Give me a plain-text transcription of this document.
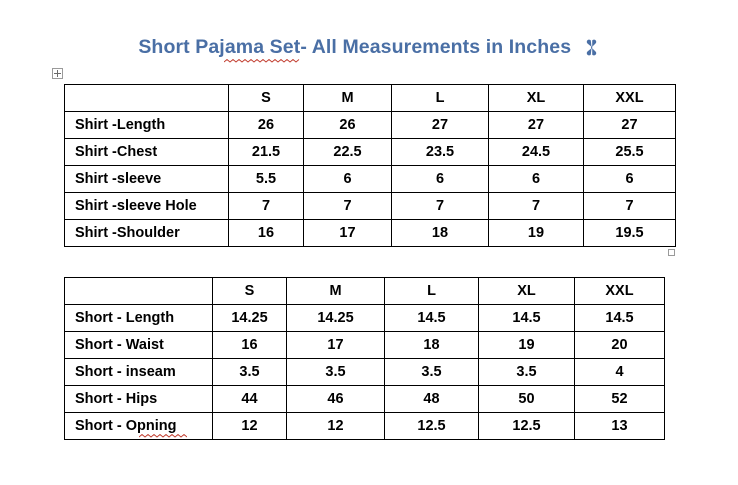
Short Pajama Set- All Measurements in Inches
	S	M	L	XL	XXL
Shirt -Length	26	26	27	27	27
Shirt -Chest	21.5	22.5	23.5	24.5	25.5
Shirt -sleeve	5.5	6	6	6	6
Shirt -sleeve Hole	7	7	7	7	7
Shirt -Shoulder	16	17	18	19	19.5
	S	M	L	XL	XXL
Short - Length	14.25	14.25	14.5	14.5	14.5
Short - Waist	16	17	18	19	20
Short - inseam	3.5	3.5	3.5	3.5	4
Short - Hips	44	46	48	50	52
Short - Opning	12	12	12.5	12.5	13
